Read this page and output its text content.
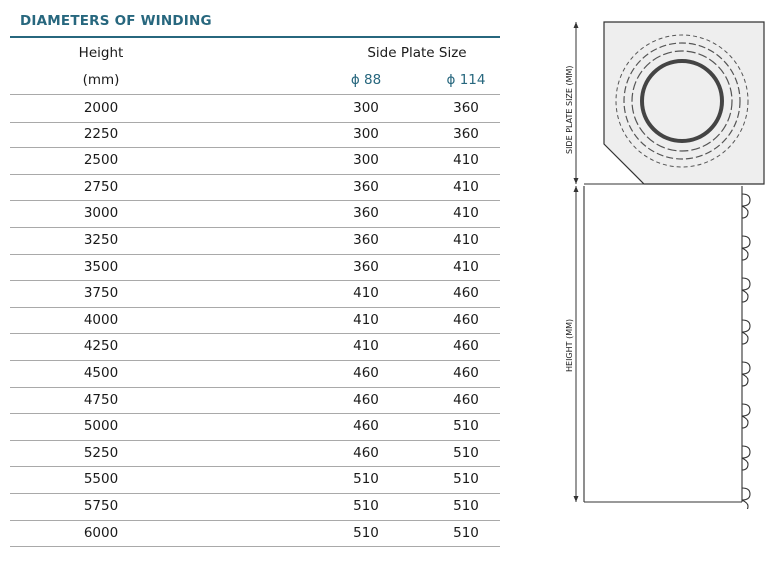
DIAMETERS OF WINDING
Height
(mm)
Side Plate Size
ϕ 88	ϕ 114
2000	300	360
2250	300	360
2500	300	410
2750	360	410
3000	360	410
3250	360	410
3500	360	410
3750	410	460
4000	410	460
4250	410	460
4500	460	460
4750	460	460
5000	460	510
5250	460	510
5500	510	510
5750	510	510
6000	510	510
SIDE PLATE SIZE (MM)
HEIGHT (MM)
